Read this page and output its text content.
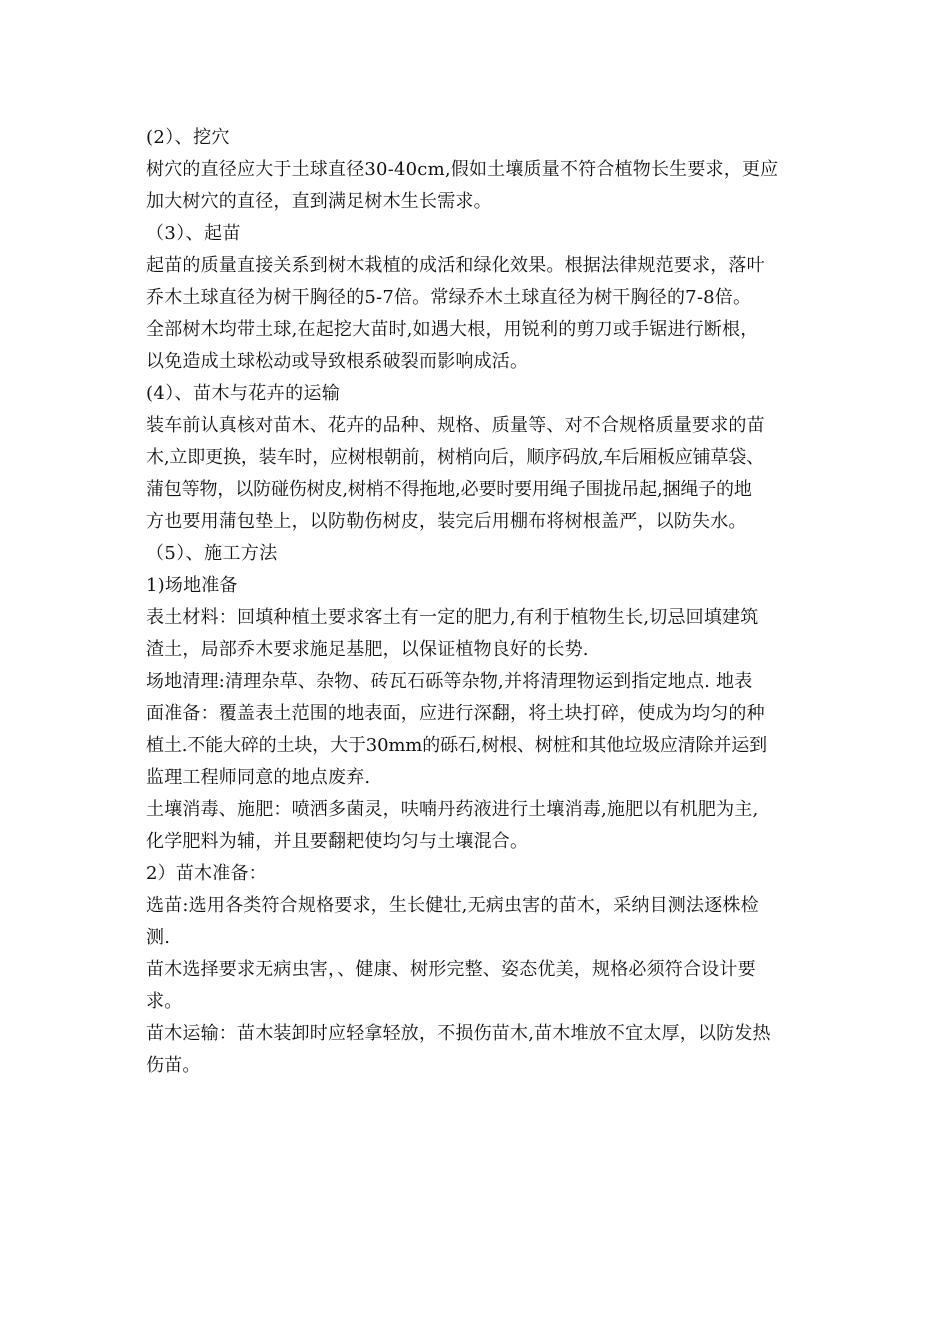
(2）、挖穴
树穴的直径应大于土球直径30-40cm,假如土壤质量不符合植物长生要求，更应
加大树穴的直径，直到满足树木生长需求。
（3）、起苗
起苗的质量直接关系到树木栽植的成活和绿化效果。根据法律规范要求，落叶
乔木土球直径为树干胸径的5-7倍。常绿乔木土球直径为树干胸径的7-8倍。
全部树木均带土球,在起挖大苗时,如遇大根，用锐利的剪刀或手锯进行断根，
以免造成土球松动或导致根系破裂而影响成活。
(4）、苗木与花卉的运输
装车前认真核对苗木、花卉的品种、规格、质量等、对不合规格质量要求的苗
木,立即更换，装车时，应树根朝前，树梢向后，顺序码放,车后厢板应铺草袋、
蒲包等物，以防碰伤树皮,树梢不得拖地,必要时要用绳子围拢吊起,捆绳子的地
方也要用蒲包垫上，以防勒伤树皮，装完后用棚布将树根盖严，以防失水。
（5）、施工方法
1)场地准备
表土材料：回填种植土要求客土有一定的肥力,有利于植物生长,切忌回填建筑
渣土，局部乔木要求施足基肥，以保证植物良好的长势.
场地清理:清理杂草、杂物、砖瓦石砾等杂物,并将清理物运到指定地点. 地表
面准备：覆盖表土范围的地表面，应进行深翻，将土块打碎，使成为均匀的种
植土.不能大碎的土块，大于30mm的砾石,树根、树桩和其他垃圾应清除并运到
监理工程师同意的地点废弃.
土壤消毒、施肥：喷洒多菌灵，呋喃丹药液进行土壤消毒,施肥以有机肥为主,
化学肥料为辅，并且要翻耙使均匀与土壤混合。
2）苗木准备：
选苗:选用各类符合规格要求，生长健壮,无病虫害的苗木，采纳目测法逐株检
测.
苗木选择要求无病虫害，、健康、树形完整、姿态优美，规格必须符合设计要
求。
苗木运输：苗木装卸时应轻拿轻放，不损伤苗木,苗木堆放不宜太厚，以防发热
伤苗。
